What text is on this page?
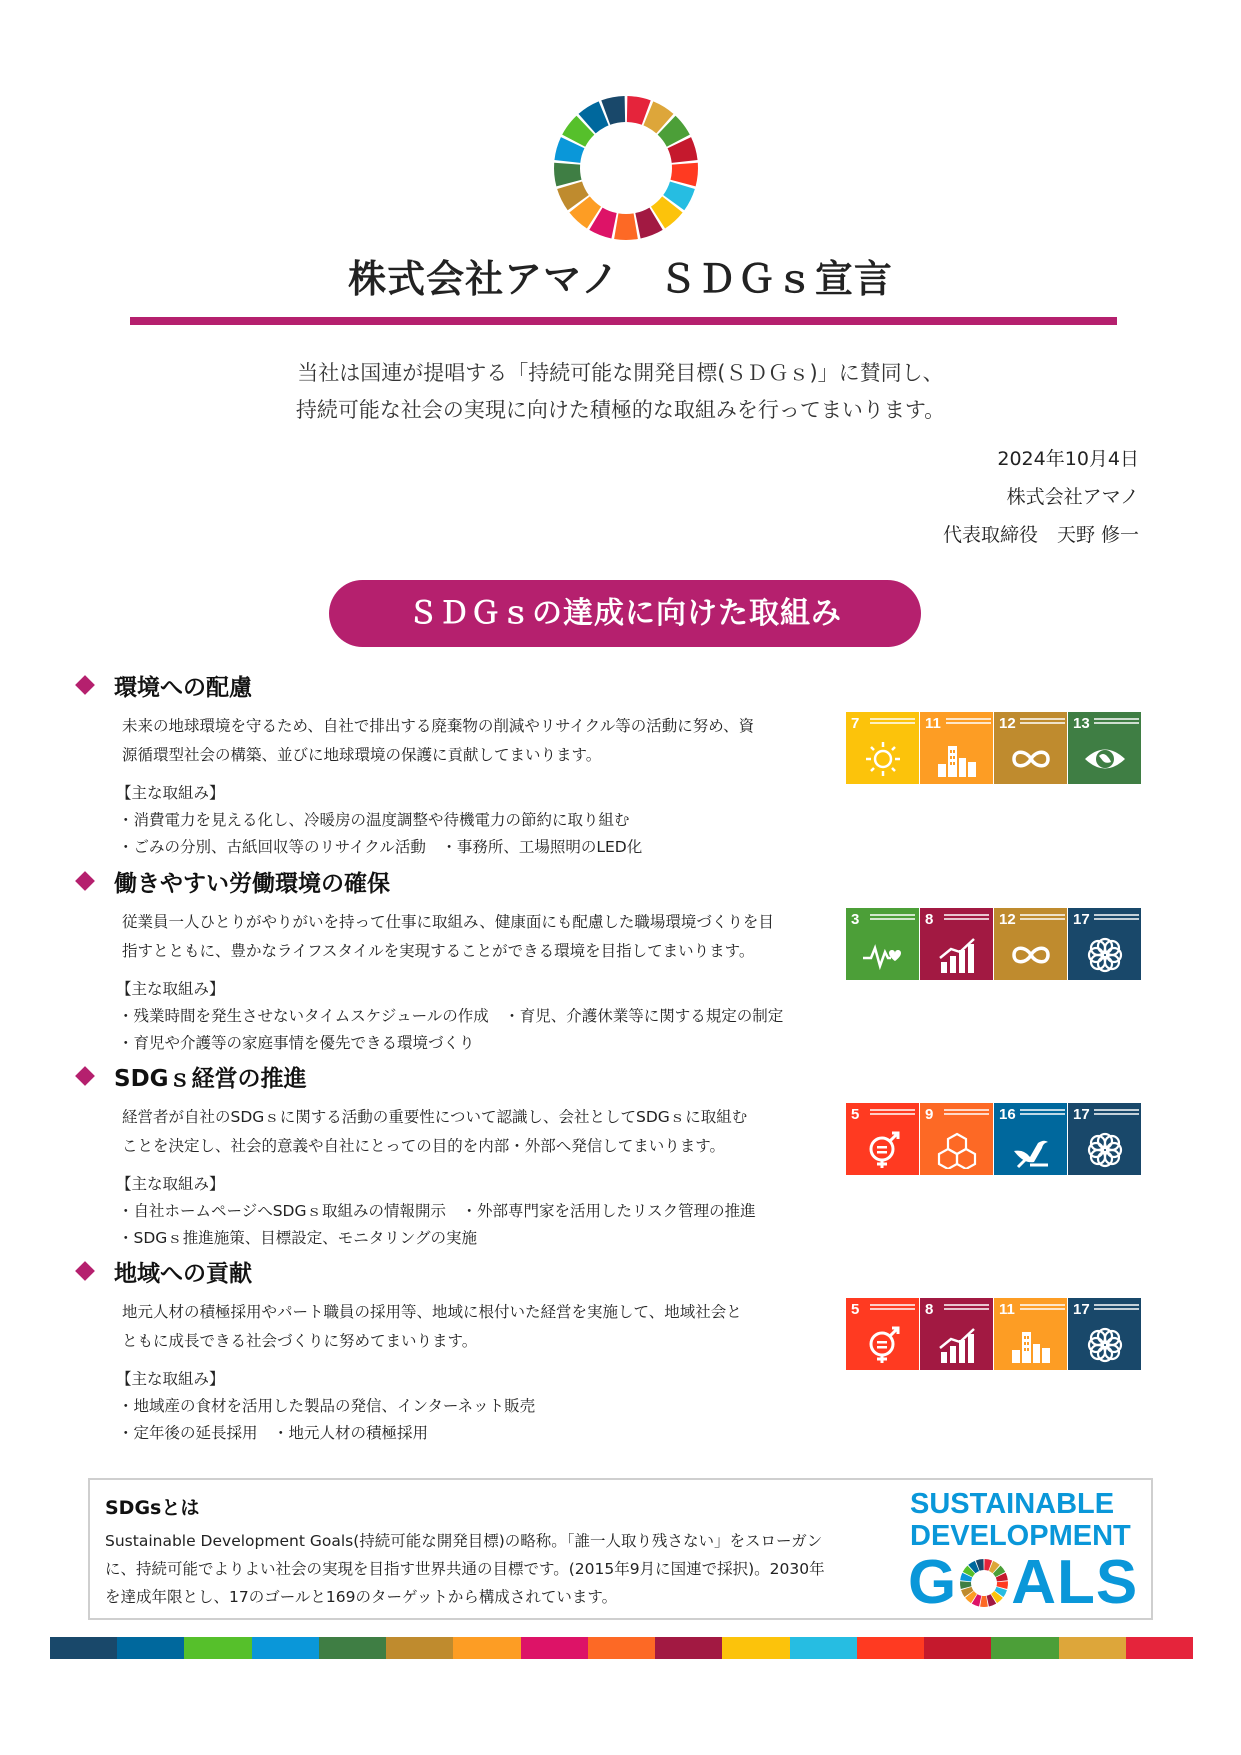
株式会社アマノ　ＳＤＧｓ宣言
当社は国連が提唱する「持続可能な開発目標(ＳＤＧｓ)」に賛同し、
持続可能な社会の実現に向けた積極的な取組みを行ってまいります。
2024年10月4日
株式会社アマノ
代表取締役　天野 修一
ＳＤＧｓの達成に向けた取組み
環境への配慮
未来の地球環境を守るため、自社で排出する廃棄物の削減やリサイクル等の活動に努め、資
源循環型社会の構築、並びに地球環境の保護に貢献してまいります。
【主な取組み】
・消費電力を見える化し、冷暖房の温度調整や待機電力の節約に取り組む
・ごみの分別、古紙回収等のリサイクル活動　・事務所、工場照明のLED化
7	11	12	13
働きやすい労働環境の確保
従業員一人ひとりがやりがいを持って仕事に取組み、健康面にも配慮した職場環境づくりを目
指すとともに、豊かなライフスタイルを実現することができる環境を目指してまいります。
【主な取組み】
・残業時間を発生させないタイムスケジュールの作成　・育児、介護休業等に関する規定の制定
・育児や介護等の家庭事情を優先できる環境づくり
3	8	12	17
SDGｓ経営の推進
経営者が自社のSDGｓに関する活動の重要性について認識し、会社としてSDGｓに取組む
ことを決定し、社会的意義や自社にとっての目的を内部・外部へ発信してまいります。
【主な取組み】
・自社ホームページへSDGｓ取組みの情報開示　・外部専門家を活用したリスク管理の推進
・SDGｓ推進施策、目標設定、モニタリングの実施
5	9	16	17
地域への貢献
地元人材の積極採用やパート職員の採用等、地域に根付いた経営を実施して、地域社会と
ともに成長できる社会づくりに努めてまいります。
【主な取組み】
・地域産の食材を活用した製品の発信、インターネット販売
・定年後の延長採用　・地元人材の積極採用
5	8	11	17
SDGsとは
Sustainable Development Goals(持続可能な開発目標)の略称。「誰一人取り残さない」をスローガン
に、持続可能でよりよい社会の実現を目指す世界共通の目標です。(2015年9月に国連で採択)。2030年
を達成年限とし、17のゴールと169のターゲットから構成されています。
SUSTAINABLE
DEVELOPMENT
G ALS
